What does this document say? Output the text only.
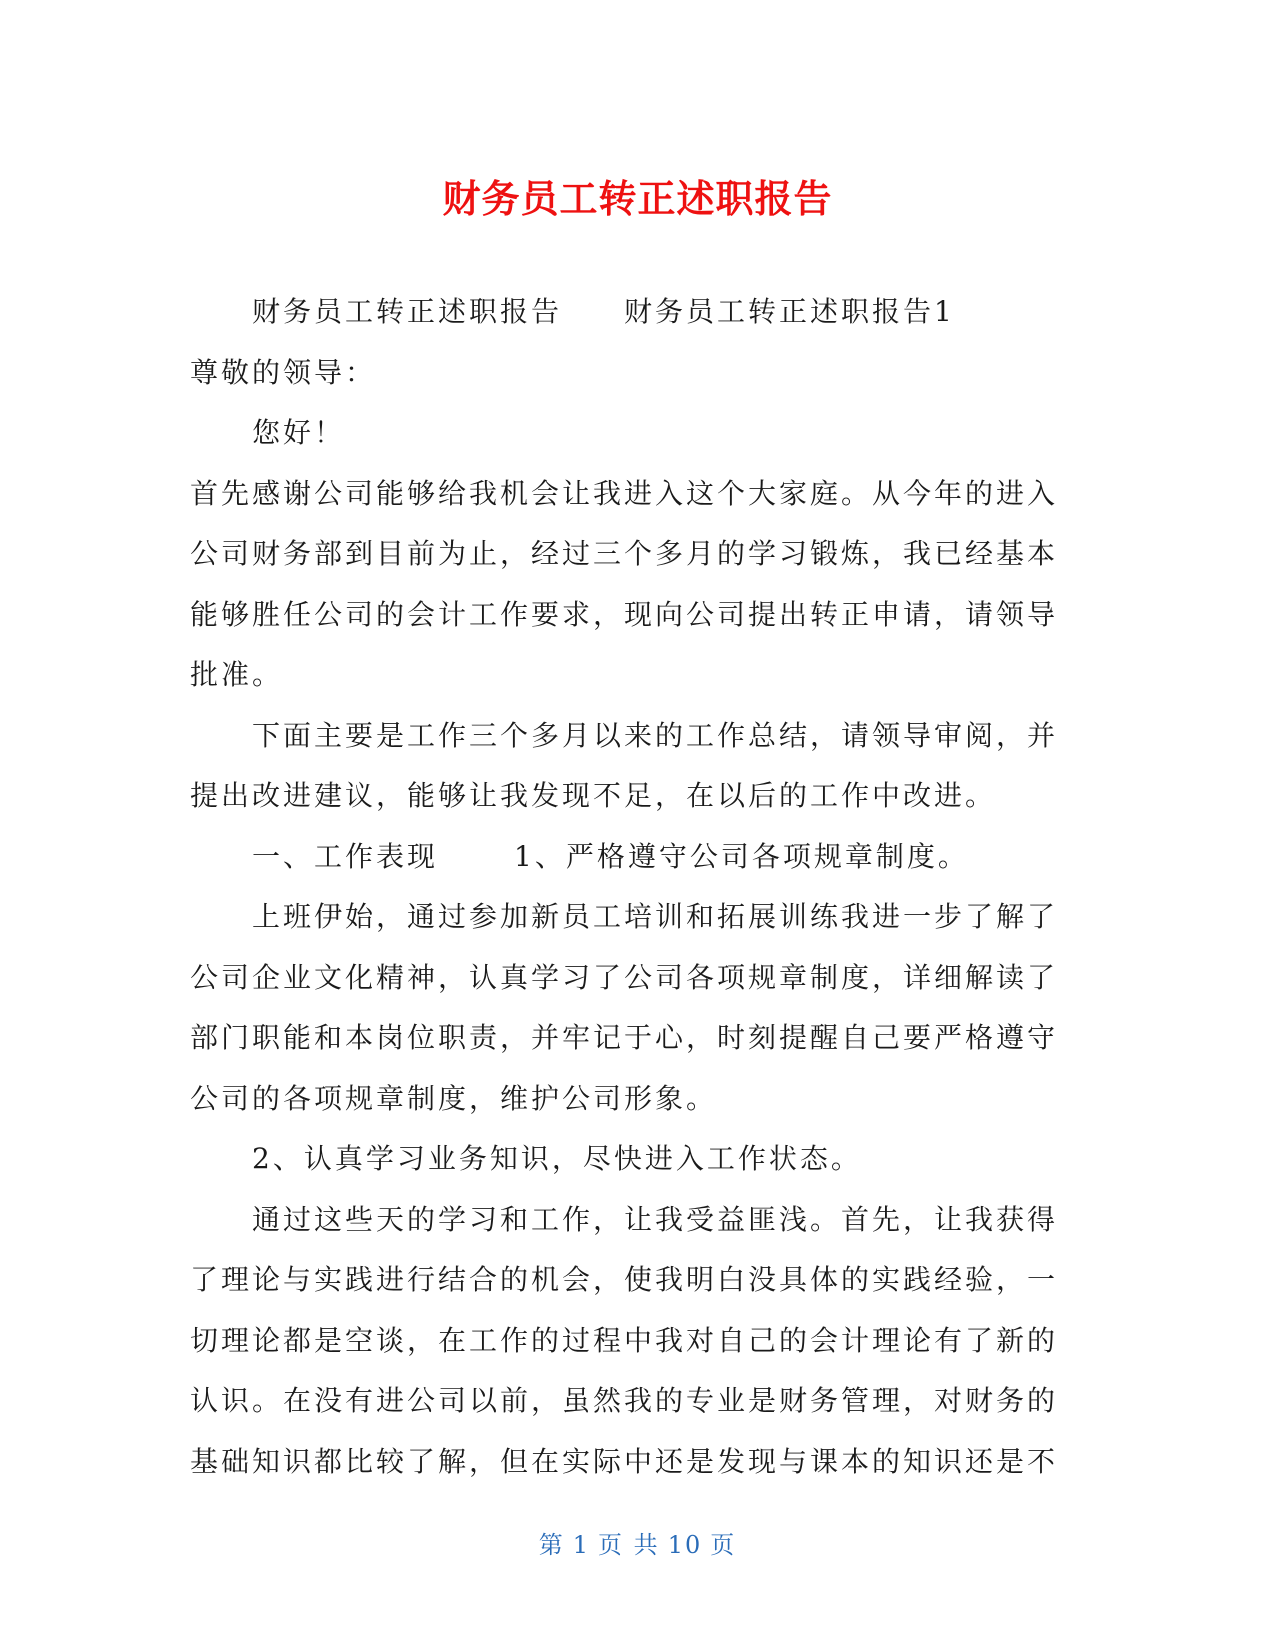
财务员工转正述职报告
财务员工转正述职报告 财务员工转正述职报告1
尊敬的领导：
您好！
首先感谢公司能够给我机会让我进入这个大家庭。从今年的进入
公司财务部到目前为止，经过三个多月的学习锻炼，我已经基本
能够胜任公司的会计工作要求，现向公司提出转正申请，请领导
批准。
下面主要是工作三个多月以来的工作总结，请领导审阅，并
提出改进建议，能够让我发现不足，在以后的工作中改进。
一、工作表现	1、严格遵守公司各项规章制度。
上班伊始，通过参加新员工培训和拓展训练我进一步了解了
公司企业文化精神，认真学习了公司各项规章制度，详细解读了
部门职能和本岗位职责，并牢记于心，时刻提醒自己要严格遵守
公司的各项规章制度，维护公司形象。
2、认真学习业务知识，尽快进入工作状态。
通过这些天的学习和工作，让我受益匪浅。首先，让我获得
了理论与实践进行结合的机会，使我明白没具体的实践经验，一
切理论都是空谈，在工作的过程中我对自己的会计理论有了新的
认识。在没有进公司以前，虽然我的专业是财务管理，对财务的
基础知识都比较了解，但在实际中还是发现与课本的知识还是不
第 1 页 共 10 页
